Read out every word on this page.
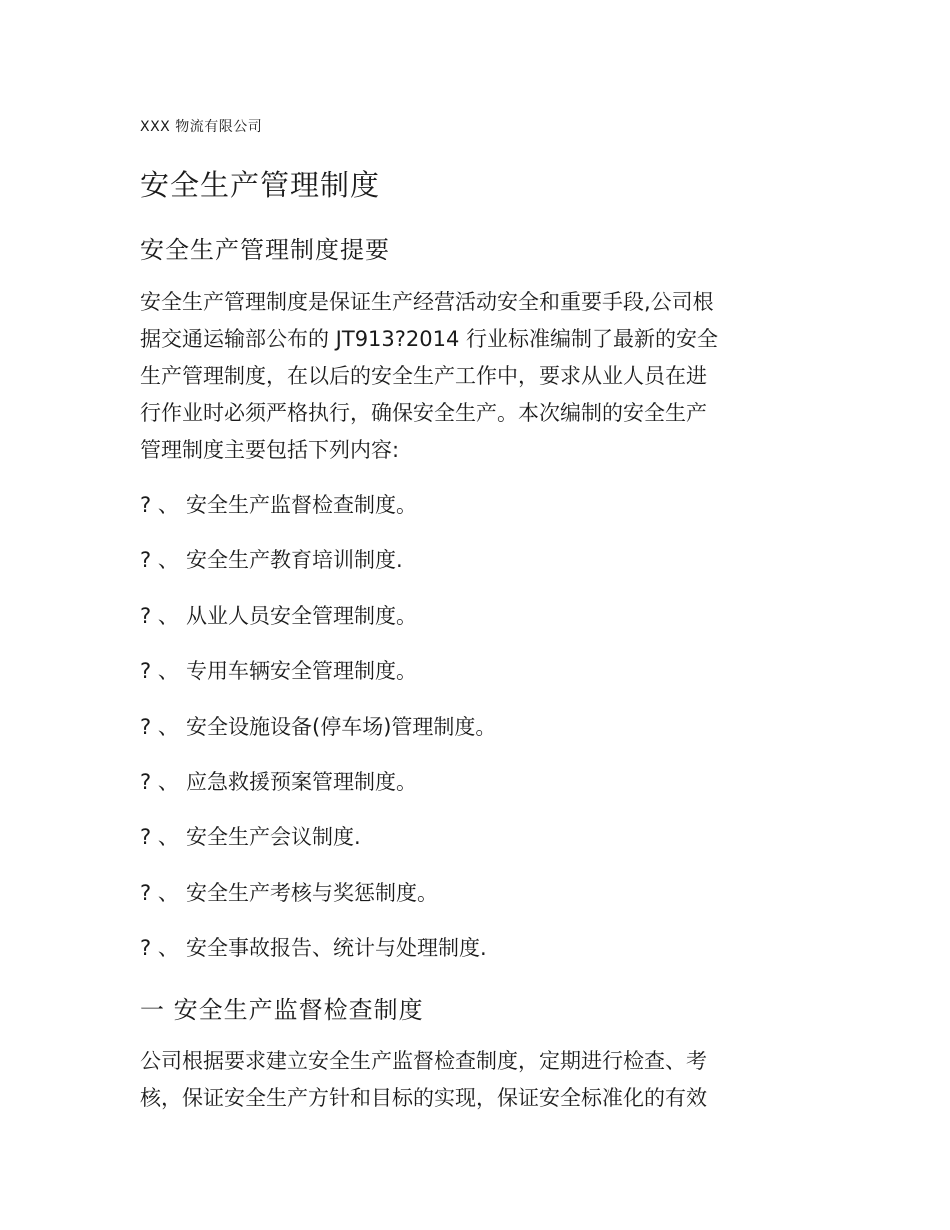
XXX 物流有限公司
安全生产管理制度
安全生产管理制度提要

安全生产管理制度是保证生产经营活动安全和重要手段,公司根
据交通运输部公布的 JT913?2014 行业标准编制了最新的安全
生产管理制度，在以后的安全生产工作中，要求从业人员在进
行作业时必须严格执行，确保安全生产。本次编制的安全生产
管理制度主要包括下列内容:

? 、 安全生产监督检查制度。
? 、 安全生产教育培训制度.
? 、 从业人员安全管理制度。
? 、 专用车辆安全管理制度。
? 、 安全设施设备(停车场)管理制度。
? 、 应急救援预案管理制度。
? 、 安全生产会议制度.
? 、 安全生产考核与奖惩制度。
? 、 安全事故报告、统计与处理制度.
一 安全生产监督检查制度

公司根据要求建立安全生产监督检查制度，定期进行检查、考
核，保证安全生产方针和目标的实现，保证安全标准化的有效
